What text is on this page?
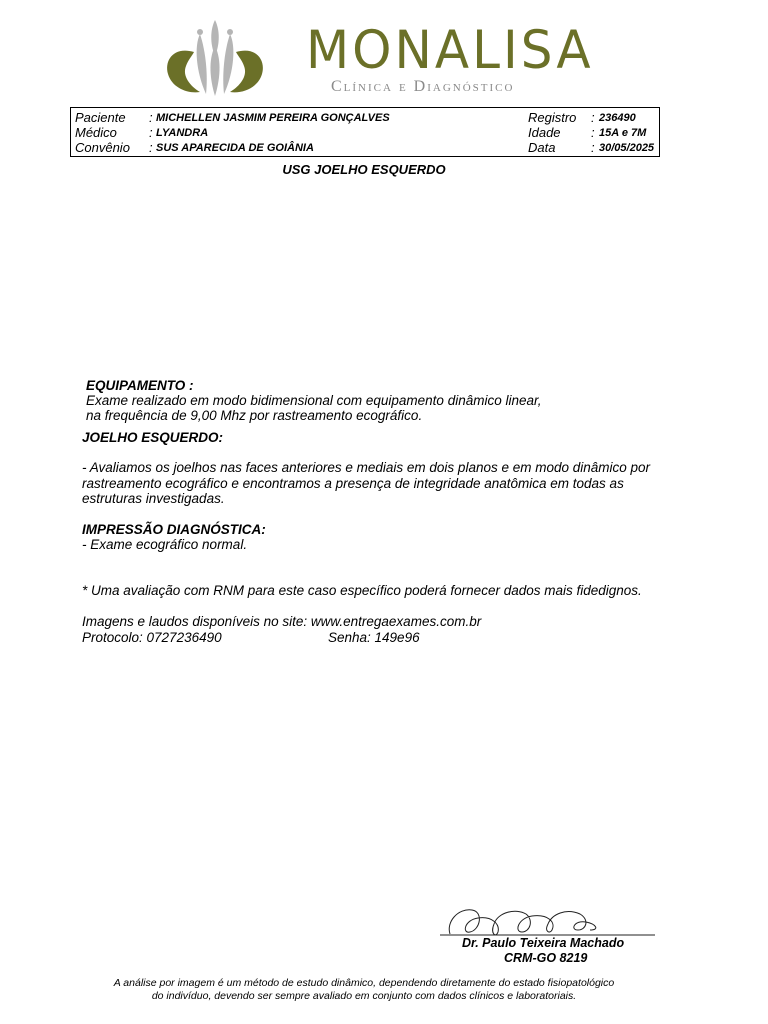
MONALISA
Clínica e Diagnóstico
Paciente : MICHELLEN JASMIM PEREIRA GONÇALVES
Médico : LYANDRA
Convênio : SUS APARECIDA DE GOIÂNIA
Registro : 236490
Idade : 15A e 7M
Data	: 30/05/2025
USG JOELHO ESQUERDO
EQUIPAMENTO :
Exame realizado em modo bidimensional com equipamento dinâmico linear,
na frequência de 9,00 Mhz por rastreamento ecográfico.
JOELHO ESQUERDO:
- Avaliamos os joelhos nas faces anteriores e mediais em dois planos e em modo dinâmico por
rastreamento ecográfico e encontramos a presença de integridade anatômica em todas as
estruturas investigadas.
IMPRESSÃO DIAGNÓSTICA:
- Exame ecográfico normal.
* Uma avaliação com RNM para este caso específico poderá fornecer dados mais fidedignos.
Imagens e laudos disponíveis no site: www.entregaexames.com.br
Protocolo: 0727236490	Senha: 149e96
Dr. Paulo Teixeira Machado
CRM-GO 8219
A análise por imagem é um método de estudo dinâmico, dependendo diretamente do estado fisiopatológico
do indivíduo, devendo ser sempre avaliado em conjunto com dados clínicos e laboratoriais.
